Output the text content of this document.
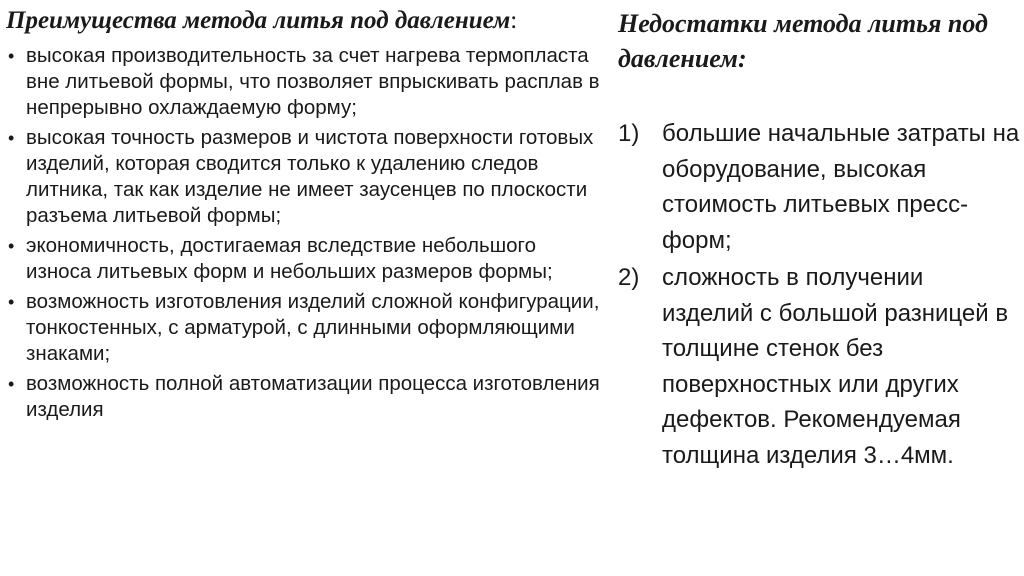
Преимущества метода литья под давлением:
• высокая производительность за счет нагрева термопласта вне литьевой формы, что позволяет впрыскивать расплав в непрерывно охлаждаемую форму;
• высокая точность размеров и чистота поверхности готовых изделий, которая сводится только к удалению следов литника, так как изделие не имеет заусенцев по плоскости разъема литьевой формы;
• экономичность, достигаемая вследствие небольшого износа литьевых форм и небольших размеров формы;
• возможность изготовления изделий сложной конфигурации, тонкостенных, с арматурой, с длинными оформляющими знаками;
• возможность полной автоматизации процесса изготовления изделия
Недостатки метода литья под давлением:
1) большие начальные затраты на оборудование, высокая стоимость литьевых пресс-форм;
2) сложность в получении изделий с большой разницей в толщине стенок без поверхностных или других дефектов. Рекомендуемая толщина изделия 3…4мм.
